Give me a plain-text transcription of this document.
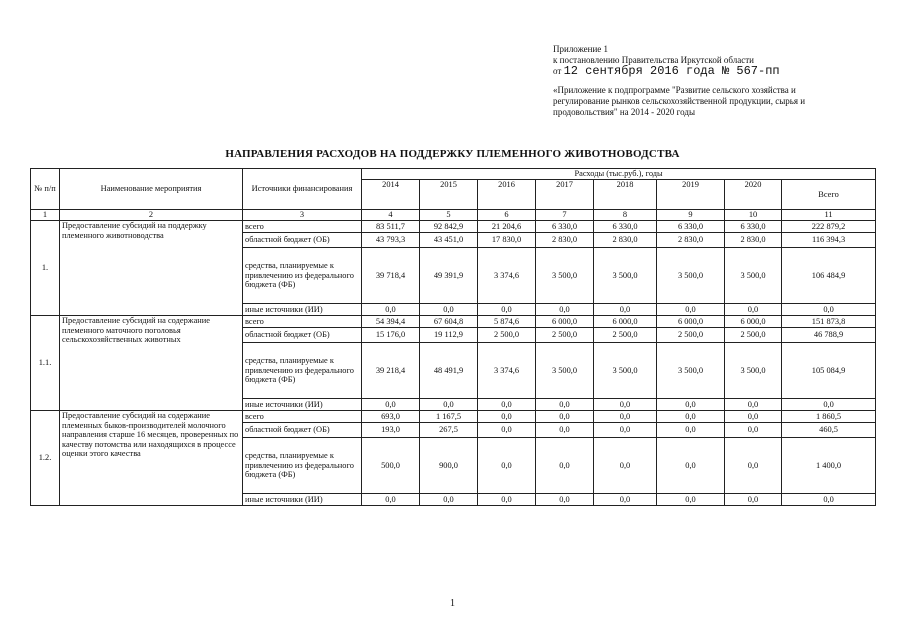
Приложение 1
к постановлению Правительства Иркутской области
от 12 сентября 2016 года № 567-пп
«Приложение к подпрограмме "Развитие сельского хозяйства и
регулирование рынков сельскохозяйственной продукции, сырья и
продовольствия" на 2014 - 2020 годы
НАПРАВЛЕНИЯ РАСХОДОВ НА ПОДДЕРЖКУ ПЛЕМЕННОГО ЖИВОТНОВОДСТВА
№ п/п	Наименование мероприятия	Источники финансирования	Расходы (тыс.руб.), годы							
			2014	2015	2016	2017	2018	2019	2020	Всего
1	2	3	4	5	6	7	8	9	10	11
1.	Предоставление субсидий на поддержку племенного животноводства	всего	83 511,7	92 842,9	21 204,6	6 330,0	6 330,0	6 330,0	6 330,0	222 879,2
		областной бюджет (ОБ)	43 793,3	43 451,0	17 830,0	2 830,0	2 830,0	2 830,0	2 830,0	116 394,3
		средства, планируемые к привлечению из федерального бюджета (ФБ)	39 718,4	49 391,9	3 374,6	3 500,0	3 500,0	3 500,0	3 500,0	106 484,9
		иные источники (ИИ)	0,0	0,0	0,0	0,0	0,0	0,0	0,0	0,0
1.1.	Предоставление субсидий на содержание племенного маточного поголовья сельскохозяйственных животных	всего	54 394,4	67 604,8	5 874,6	6 000,0	6 000,0	6 000,0	6 000,0	151 873,8
		областной бюджет (ОБ)	15 176,0	19 112,9	2 500,0	2 500,0	2 500,0	2 500,0	2 500,0	46 788,9
		средства, планируемые к привлечению из федерального бюджета (ФБ)	39 218,4	48 491,9	3 374,6	3 500,0	3 500,0	3 500,0	3 500,0	105 084,9
		иные источники (ИИ)	0,0	0,0	0,0	0,0	0,0	0,0	0,0	0,0
1.2.	Предоставление субсидий на содержание племенных быков-производителей молочного направления старше 16 месяцев, проверенных по качеству потомства или находящихся в процессе оценки этого качества	всего	693,0	1 167,5	0,0	0,0	0,0	0,0	0,0	1 860,5
		областной бюджет (ОБ)	193,0	267,5	0,0	0,0	0,0	0,0	0,0	460,5
		средства, планируемые к привлечению из федерального бюджета (ФБ)	500,0	900,0	0,0	0,0	0,0	0,0	0,0	1 400,0
		иные источники (ИИ)	0,0	0,0	0,0	0,0	0,0	0,0	0,0	0,0
1
